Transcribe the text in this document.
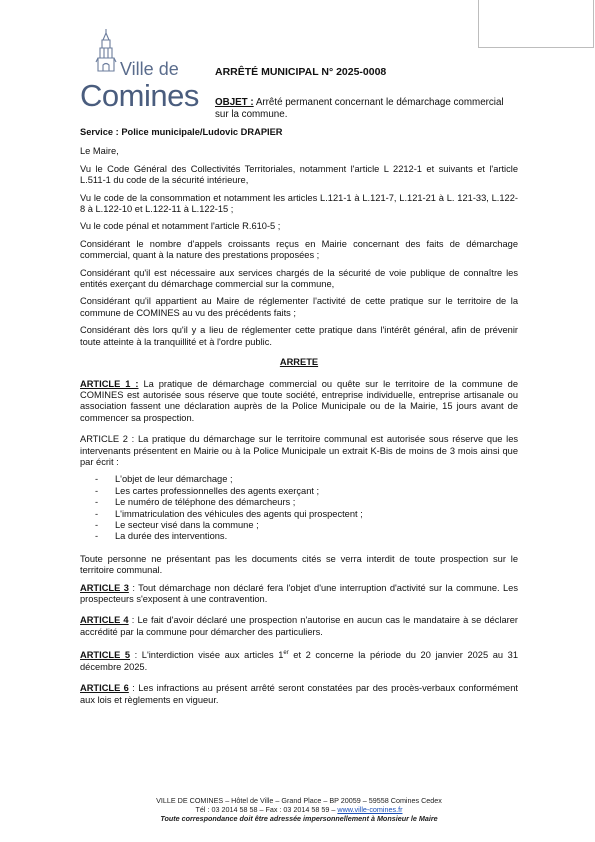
Ville de
Comines
ARRÊTÉ MUNICIPAL N° 2025-0008
OBJET : Arrêté permanent concernant le démarchage commercial sur la commune.

Service : Police municipale/Ludovic DRAPIER

Le Maire,

Vu le Code Général des Collectivités Territoriales, notamment l'article L 2212-1 et suivants et l'article L.511-1 du code de la sécurité intérieure,

Vu le code de la consommation et notamment les articles L.121-1 à L.121-7, L.121-21 à L. 121-33, L.122-8 à L.122-10 et L.122-11 à L.122-15 ;

Vu le code pénal et notamment l'article R.610-5 ;

Considérant le nombre d'appels croissants reçus en Mairie concernant des faits de démarchage commercial, quant à la nature des prestations proposées ;

Considérant qu'il est nécessaire aux services chargés de la sécurité de voie publique de connaître les entités exerçant du démarchage commercial sur la commune,

Considérant qu'il appartient au Maire de réglementer l'activité de cette pratique sur le territoire de la commune de COMINES au vu des précédents faits ;

Considérant dès lors qu'il y a lieu de réglementer cette pratique dans l'intérêt général, afin de prévenir toute atteinte à la tranquillité et à l'ordre public.

ARRETE

ARTICLE 1 : La pratique de démarchage commercial ou quête sur le territoire de la commune de COMINES est autorisée sous réserve que toute société, entreprise individuelle, entreprise artisanale ou association fassent une déclaration auprès de la Police Municipale ou de la Mairie, 15 jours avant de commencer sa prospection.

ARTICLE 2 : La pratique du démarchage sur le territoire communal est autorisée sous réserve que les intervenants présentent en Mairie ou à la Police Municipale un extrait K-Bis de moins de 3 mois ainsi que par écrit :

- L'objet de leur démarchage ;
- Les cartes professionnelles des agents exerçant ;
- Le numéro de téléphone des démarcheurs ;
- L'immatriculation des véhicules des agents qui prospectent ;
- Le secteur visé dans la commune ;
- La durée des interventions.

Toute personne ne présentant pas les documents cités se verra interdit de toute prospection sur le territoire communal.

ARTICLE 3 : Tout démarchage non déclaré fera l'objet d'une interruption d'activité sur la commune. Les prospecteurs s'exposent à une contravention.

ARTICLE 4 : Le fait d'avoir déclaré une prospection n'autorise en aucun cas le mandataire à se déclarer accrédité par la commune pour démarcher des particuliers.

ARTICLE 5 : L'interdiction visée aux articles 1er et 2 concerne la période du 20 janvier 2025 au 31 décembre 2025.

ARTICLE 6 : Les infractions au présent arrêté seront constatées par des procès-verbaux conformément aux lois et règlements en vigueur.

VILLE DE COMINES – Hôtel de Ville – Grand Place – BP 20059 – 59558 Comines Cedex
Tél : 03 2014 58 58 – Fax : 03 2014 58 59 – www.ville-comines.fr
Toute correspondance doit être adressée impersonnellement à Monsieur le Maire
